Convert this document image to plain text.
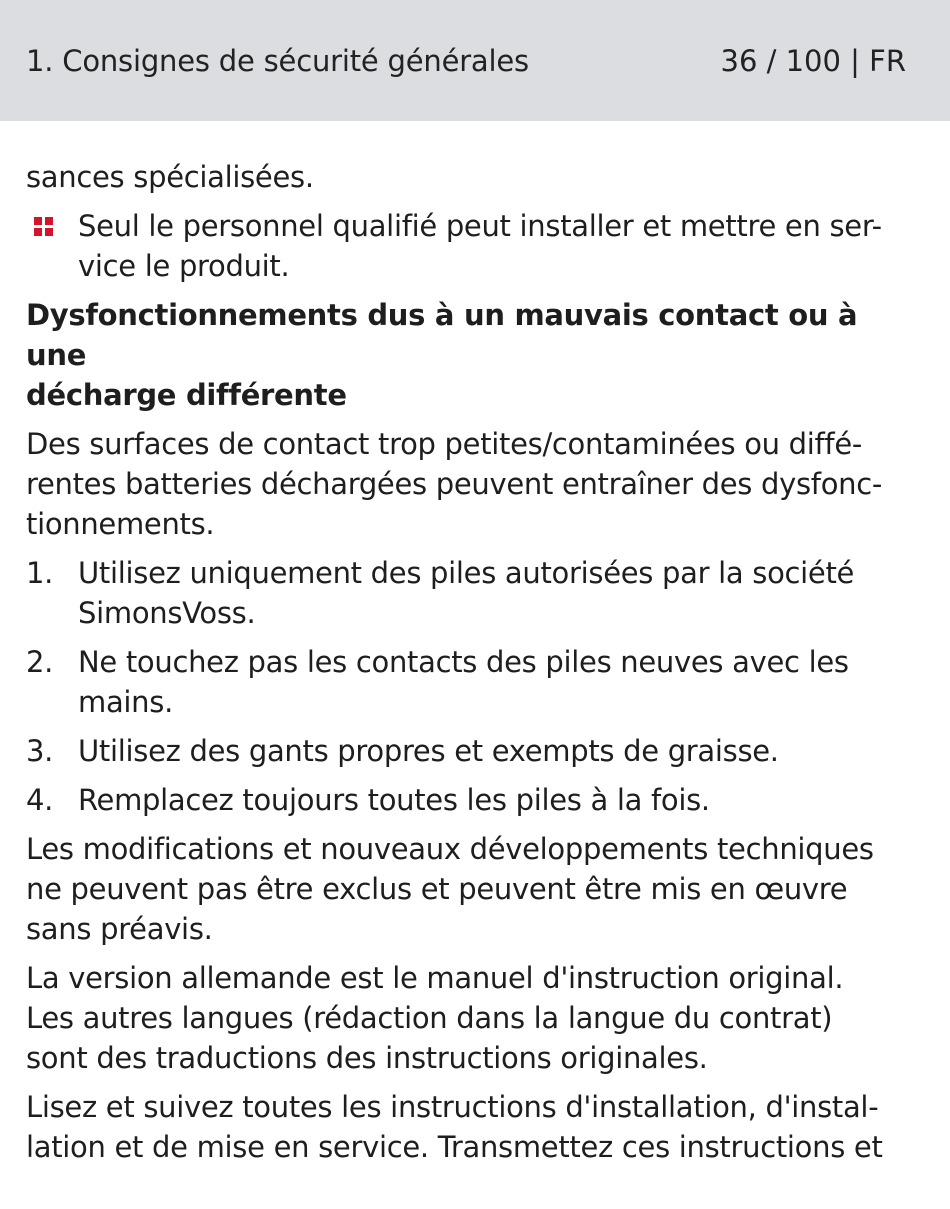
1. Consignes de sécurité générales	36 / 100 | FR
sances spécialisées.
Seul le personnel qualifié peut installer et mettre en ser-
vice le produit.
Dysfonctionnements dus à un mauvais contact ou à une
décharge différente
Des surfaces de contact trop petites/contaminées ou diffé-
rentes batteries déchargées peuvent entraîner des dysfonc-
tionnements.
1. Utilisez uniquement des piles autorisées par la société
SimonsVoss.
2. Ne touchez pas les contacts des piles neuves avec les
mains.
3. Utilisez des gants propres et exempts de graisse.
4. Remplacez toujours toutes les piles à la fois.
Les modifications et nouveaux développements techniques
ne peuvent pas être exclus et peuvent être mis en œuvre
sans préavis.
La version allemande est le manuel d'instruction original.
Les autres langues (rédaction dans la langue du contrat)
sont des traductions des instructions originales.
Lisez et suivez toutes les instructions d'installation, d'instal-
lation et de mise en service. Transmettez ces instructions et
